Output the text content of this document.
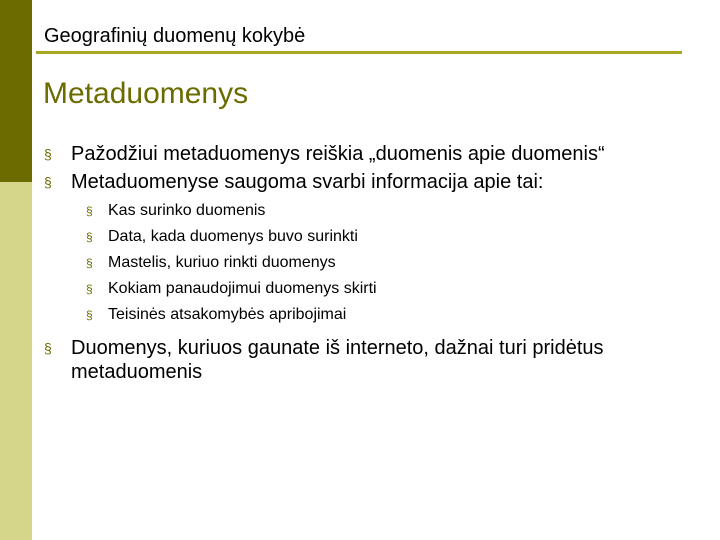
Geografinių duomenų kokybė
Metaduomenys
§ Pažodžiui metaduomenys reiškia „duomenis apie duomenis“
§ Metaduomenyse saugoma svarbi informacija apie tai:
§ Kas surinko duomenis
§ Data, kada duomenys buvo surinkti
§ Mastelis, kuriuo rinkti duomenys
§ Kokiam panaudojimui duomenys skirti
§ Teisinės atsakomybės apribojimai
§ Duomenys, kuriuos gaunate iš interneto, dažnai turi pridėtus metaduomenis
